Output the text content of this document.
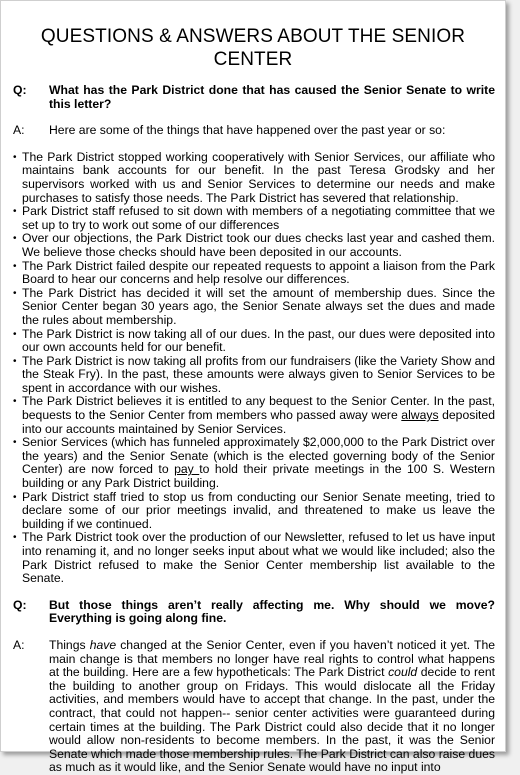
QUESTIONS & ANSWERS ABOUT THE SENIOR CENTER
Q:	What has the Park District done that has caused the Senior Senate to write this letter?
A:	Here are some of the things that have happened over the past year or so:
• The Park District stopped working cooperatively with Senior Services, our affiliate who maintains bank accounts for our benefit. In the past Teresa Grodsky and her supervisors worked with us and Senior Services to determine our needs and make purchases to satisfy those needs. The Park District has severed that relationship.
• Park District staff refused to sit down with members of a negotiating committee that we set up to try to work out some of our differences
• Over our objections, the Park District took our dues checks last year and cashed them. We believe those checks should have been deposited in our accounts.
• The Park District failed despite our repeated requests to appoint a liaison from the Park Board to hear our concerns and help resolve our differences.
• The Park District has decided it will set the amount of membership dues. Since the Senior Center began 30 years ago, the Senior Senate always set the dues and made the rules about membership.
• The Park District is now taking all of our dues. In the past, our dues were deposited into our own accounts held for our benefit.
• The Park District is now taking all profits from our fundraisers (like the Variety Show and the Steak Fry). In the past, these amounts were always given to Senior Services to be spent in accordance with our wishes.
• The Park District believes it is entitled to any bequest to the Senior Center. In the past, bequests to the Senior Center from members who passed away were always deposited into our accounts maintained by Senior Services.
• Senior Services (which has funneled approximately $2,000,000 to the Park District over the years) and the Senior Senate (which is the elected governing body of the Senior Center) are now forced to pay to hold their private meetings in the 100 S. Western building or any Park District building.
• Park District staff tried to stop us from conducting our Senior Senate meeting, tried to declare some of our prior meetings invalid, and threatened to make us leave the building if we continued.
• The Park District took over the production of our Newsletter, refused to let us have input into renaming it, and no longer seeks input about what we would like included; also the Park District refused to make the Senior Center membership list available to the Senate.
Q:	But those things aren’t really affecting me. Why should we move? Everything is going along fine.
A:	Things have changed at the Senior Center, even if you haven’t noticed it yet. The main change is that members no longer have real rights to control what happens at the building. Here are a few hypotheticals: The Park District could decide to rent the building to another group on Fridays. This would dislocate all the Friday activities, and members would have to accept that change. In the past, under the contract, that could not happen-- senior center activities were guaranteed during certain times at the building. The Park District could also decide that it no longer would allow non-residents to become members. In the past, it was the Senior Senate which made those membership rules. The Park District can also raise dues as much as it would like, and the Senior Senate would have no input into
